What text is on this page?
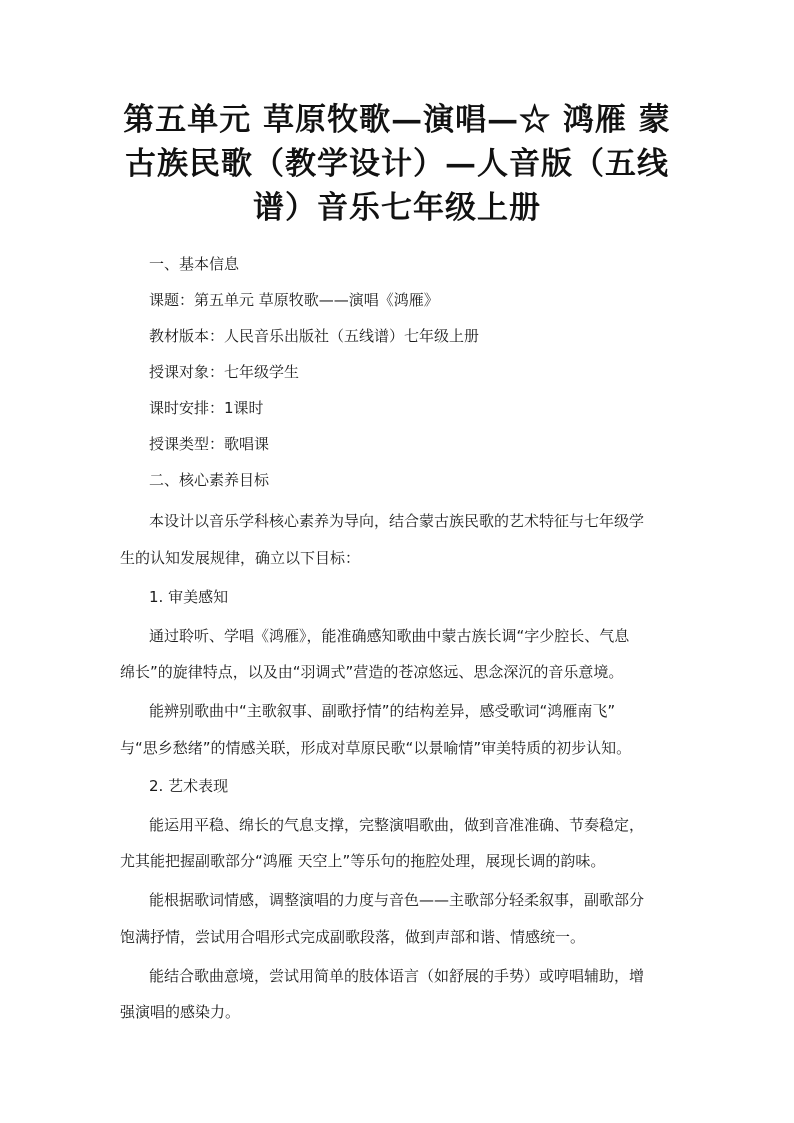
第五单元 草原牧歌—演唱—☆ 鸿雁 蒙
古族民歌（教学设计）—人音版（五线
谱）音乐七年级上册
一、基本信息
课题：第五单元 草原牧歌——演唱《鸿雁》
教材版本：人民音乐出版社（五线谱）七年级上册
授课对象：七年级学生
课时安排：1课时
授课类型：歌唱课
二、核心素养目标
本设计以音乐学科核心素养为导向，结合蒙古族民歌的艺术特征与七年级学
生的认知发展规律，确立以下目标：
1. 审美感知
通过聆听、学唱《鸿雁》，能准确感知歌曲中蒙古族长调“字少腔长、气息
绵长”的旋律特点，以及由“羽调式”营造的苍凉悠远、思念深沉的音乐意境。
能辨别歌曲中“主歌叙事、副歌抒情”的结构差异，感受歌词“鸿雁南飞”
与“思乡愁绪”的情感关联，形成对草原民歌“以景喻情”审美特质的初步认知。
2. 艺术表现
能运用平稳、绵长的气息支撑，完整演唱歌曲，做到音准准确、节奏稳定，
尤其能把握副歌部分“鸿雁 天空上”等乐句的拖腔处理，展现长调的韵味。
能根据歌词情感，调整演唱的力度与音色——主歌部分轻柔叙事，副歌部分
饱满抒情，尝试用合唱形式完成副歌段落，做到声部和谐、情感统一。
能结合歌曲意境，尝试用简单的肢体语言（如舒展的手势）或哼唱辅助，增
强演唱的感染力。
